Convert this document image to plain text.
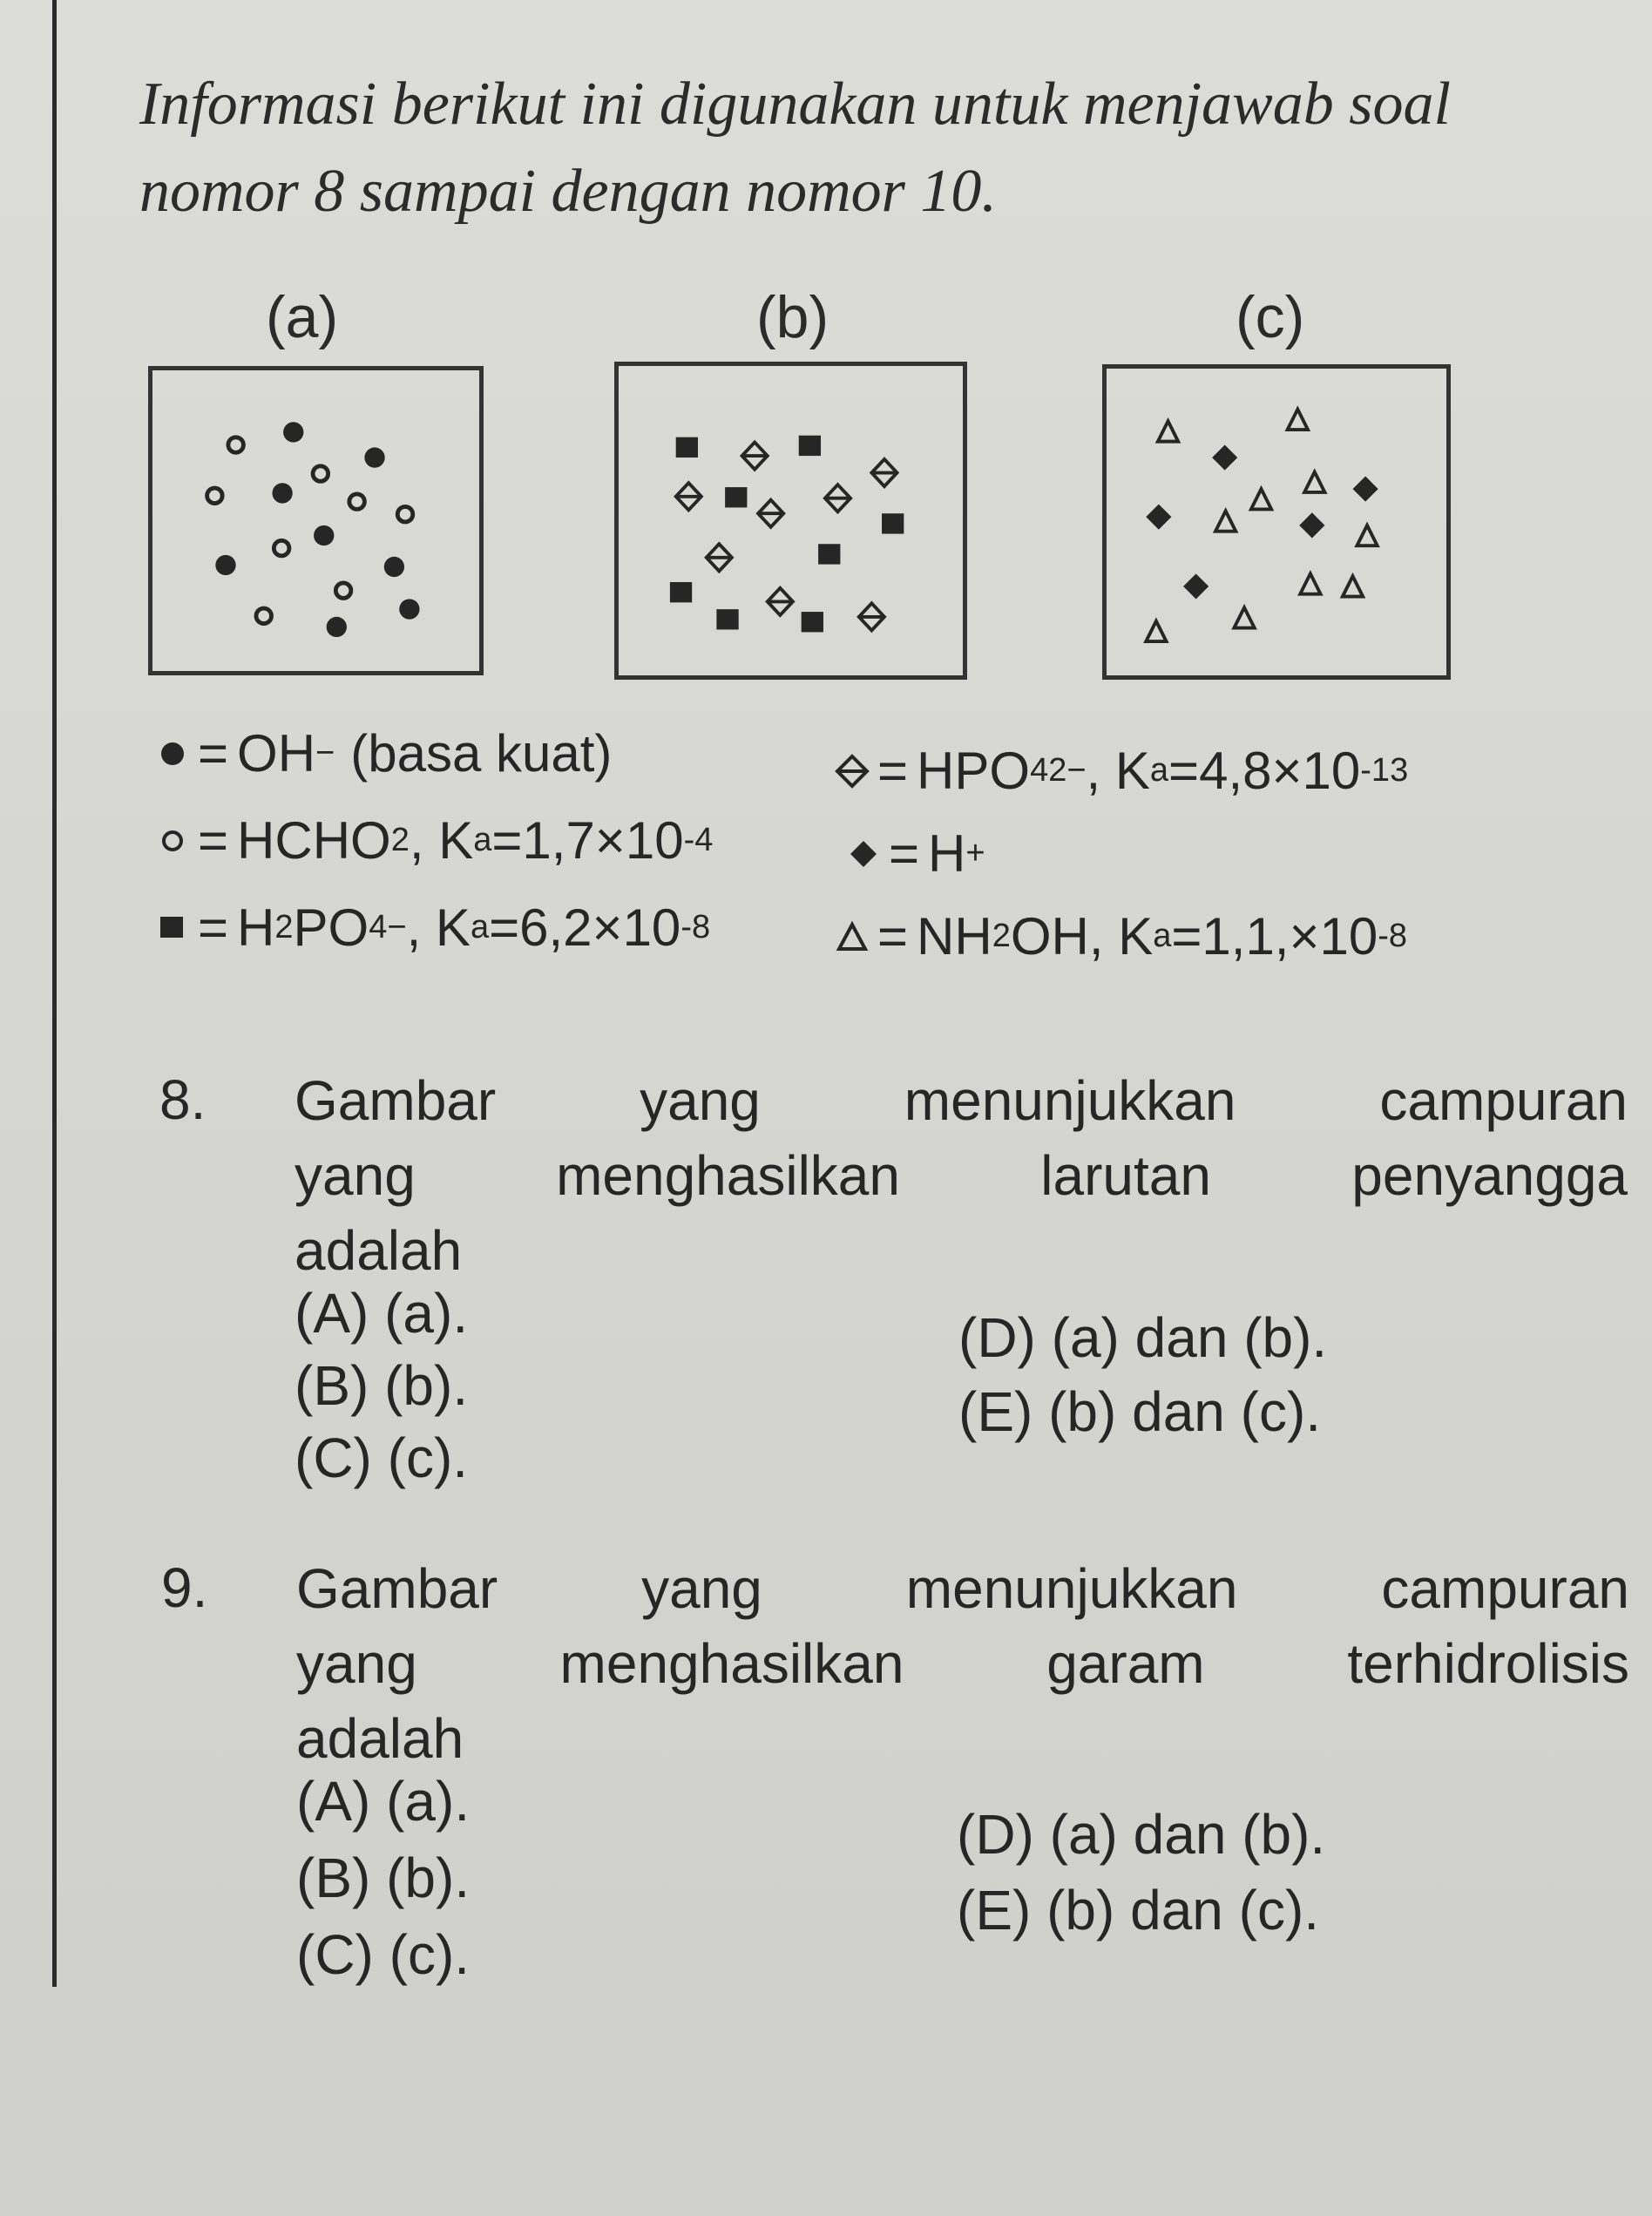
Informasi berikut ini digunakan untuk menjawab soal
nomor 8 sampai dengan nomor 10.
(a)	(b)	(c)
= OH − (basa kuat)	= HPO 4 2− , K a =4,8×10 -13
= HCHO 2 , K a =1,7×10 -4	= H +
= H 2 PO 4 − , K a =6,2×10 -8	= NH 2 OH , K a =1,1,×10 -8
8. Gambar yang menunjukkan campuran
yang menghasilkan larutan penyangga
adalah
(A) (a).
(B) (b).
(C) (c).
(D) (a) dan (b).
(E) (b) dan (c).
9. Gambar yang menunjukkan campuran
yang menghasilkan garam terhidrolisis
adalah
(A) (a).
(B) (b).
(C) (c).
(D) (a) dan (b).
(E) (b) dan (c).
